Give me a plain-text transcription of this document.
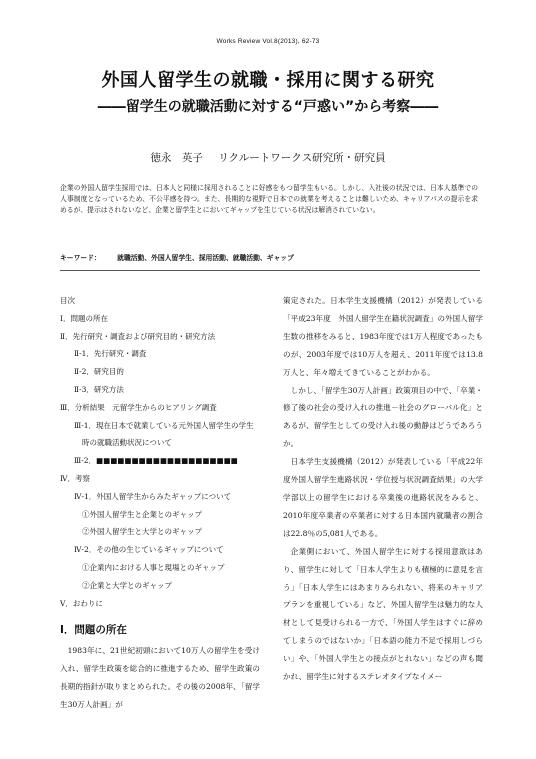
Works Review Vol.8(2013), 62-73
外国人留学生の就職・採用に関する研究
――留学生の就職活動に対する“戸惑い”から考察――
徳永　英子 リクルートワークス研究所・研究員
企業の外国人留学生採用では、日本人と同様に採用されることに好感をもつ留学生もいる。しかし、入社後の状況では、日本人基準での人事制度となっているため、不公平感を持つ。また、長期的な視野で日本での就業を考えることは難しいため、キャリアパスの提示を求めるが、提示はされないなど、企業と留学生とにおいてギャップを生じている状況は解消されていない。
キーワード： 就職活動、外国人留学生、採用活動、就職活動、ギャップ
目次
Ⅰ．問題の所在
Ⅱ．先行研究・調査および研究目的・研究方法
Ⅱ-1．先行研究・調査
Ⅱ-2．研究目的
Ⅱ-3．研究方法
Ⅲ．分析結果　元留学生からのヒアリング調査
Ⅲ-1．現在日本で就業している元外国人留学生の学生
時の就職活動状況について
Ⅲ-2．■■■■■■■■■■■■■■■■■■■■
Ⅳ．考察
Ⅳ-1．外国人留学生からみたギャップについて
①外国人留学生と企業とのギャップ
②外国人留学生と大学とのギャップ
Ⅳ-2．その他の生じているギャップについて
①企業内における人事と現場とのギャップ
②企業と大学とのギャップ
Ⅴ．おわりに
Ⅰ．問題の所在
1983年に、21世紀初頭において10万人の留学生を受け入れ、留学生政策を総合的に推進するため、留学生政策の長期的指針が取りまとめられた。その後の2008年、「留学生30万人計画」が
策定された。日本学生支援機構（2012）が発表している「平成23年度　外国人留学生在籍状況調査」の外国人留学生数の推移をみると、1983年度では1万人程度であったものが、2003年度では10万人を超え、2011年度では13.8万人と、年々増えてきていることがわかる。
しかし、「留学生30万人計画」政策項目の中で、「卒業・修了後の社会の受け入れの推進－社会のグローバル化」とあるが、留学生としての受け入れ後の動静はどうであろうか。
日本学生支援機構（2012）が発表している「平成22年度外国人留学生進路状況・学位授与状況調査結果」の大学学部以上の留学生における卒業後の進路状況をみると、2010年度卒業者の卒業者に対する日本国内就職者の割合は22.8％の5,081人である。
企業側において、外国人留学生に対する採用意欲はあり、留学生に対して「日本人学生よりも積極的に意見を言う」「日本人学生にはあまりみられない、将来のキャリアプランを重視している」など、外国人留学生は魅力的な人材として見受けられる一方で、「外国人学生はすぐに辞めてしまうのではないか」「日本語の能力不足で採用しづらい」や、「外国人学生との接点がとれない」などの声も聞かれ、留学生に対するステレオタイプなイメー
